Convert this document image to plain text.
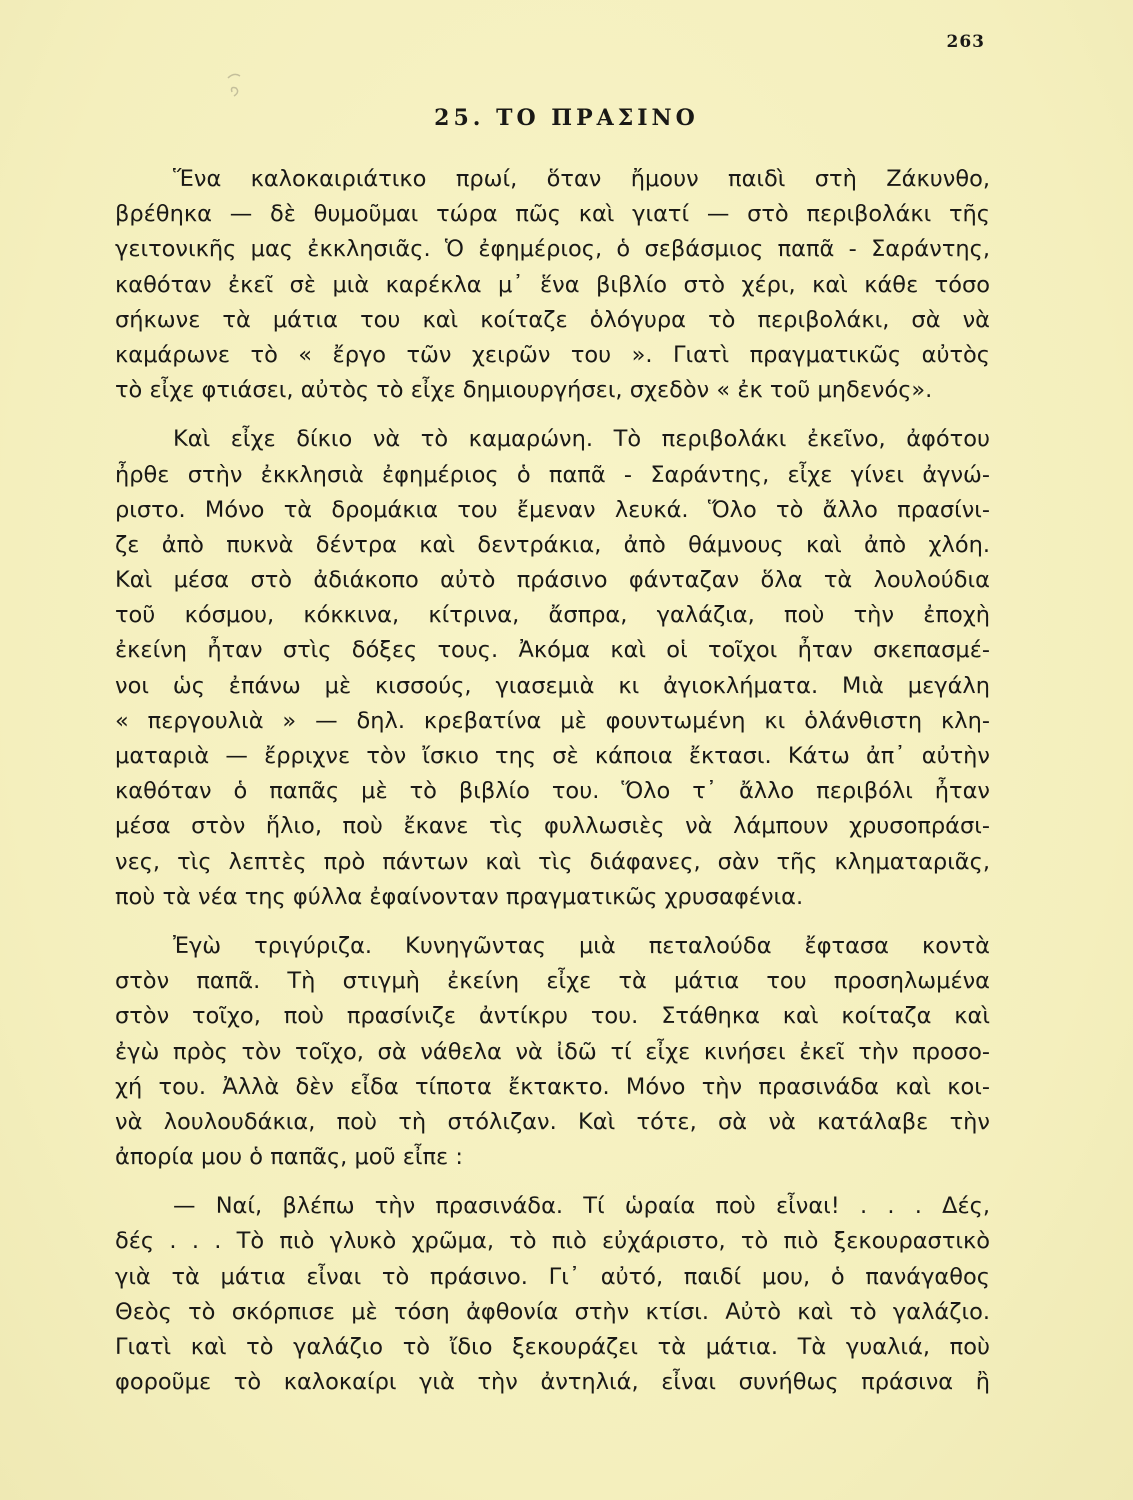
263
25. ΤΟ ΠΡΑΣΙΝΟ
Ἕνα καλοκαιριάτικο πρωί, ὅταν ἤμουν παιδὶ στὴ Ζάκυνθο,
βρέθηκα — δὲ θυμοῦμαι τώρα πῶς καὶ γιατί — στὸ περιβολάκι τῆς
γειτονικῆς μας ἐκκλησιᾶς. Ὁ ἐφημέριος, ὁ σεβάσμιος παπᾶ - Σαράντης,
καθόταν ἐκεῖ σὲ μιὰ καρέκλα μ᾿ ἕνα βιβλίο στὸ χέρι, καὶ κάθε τόσο
σήκωνε τὰ μάτια του καὶ κοίταζε ὁλόγυρα τὸ περιβολάκι, σὰ νὰ
καμάρωνε τὸ « ἔργο τῶν χειρῶν του ». Γιατὶ πραγματικῶς αὐτὸς
τὸ εἶχε φτιάσει, αὐτὸς τὸ εἶχε δημιουργήσει, σχεδὸν « ἐκ τοῦ μηδενός».
Καὶ εἶχε δίκιο νὰ τὸ καμαρώνη. Τὸ περιβολάκι ἐκεῖνο, ἀφότου
ἦρθε στὴν ἐκκλησιὰ ἐφημέριος ὁ παπᾶ - Σαράντης, εἶχε γίνει ἀγνώ-
ριστο. Μόνο τὰ δρομάκια του ἔμεναν λευκά. Ὅλο τὸ ἄλλο πρασίνι-
ζε ἀπὸ πυκνὰ δέντρα καὶ δεντράκια, ἀπὸ θάμνους καὶ ἀπὸ χλόη.
Καὶ μέσα στὸ ἀδιάκοπο αὐτὸ πράσινο φάνταζαν ὅλα τὰ λουλούδια
τοῦ κόσμου, κόκκινα, κίτρινα, ἄσπρα, γαλάζια, ποὺ τὴν ἐποχὴ
ἐκείνη ἦταν στὶς δόξες τους. Ἀκόμα καὶ οἱ τοῖχοι ἦταν σκεπασμέ-
νοι ὡς ἐπάνω μὲ κισσούς, γιασεμιὰ κι ἀγιοκλήματα. Μιὰ μεγάλη
« περγουλιὰ » — δηλ. κρεβατίνα μὲ φουντωμένη κι ὁλάνθιστη κλη-
ματαριὰ — ἔρριχνε τὸν ἴσκιο της σὲ κάποια ἔκτασι. Κάτω ἀπ᾿ αὐτὴν
καθόταν ὁ παπᾶς μὲ τὸ βιβλίο του. Ὅλο τ᾿ ἄλλο περιβόλι ἦταν
μέσα στὸν ἥλιο, ποὺ ἔκανε τὶς φυλλωσιὲς νὰ λάμπουν χρυσοπράσι-
νες, τὶς λεπτὲς πρὸ πάντων καὶ τὶς διάφανες, σὰν τῆς κληματαριᾶς,
ποὺ τὰ νέα της φύλλα ἐφαίνονταν πραγματικῶς χρυσαφένια.
Ἐγὼ τριγύριζα. Κυνηγῶντας μιὰ πεταλούδα ἔφτασα κοντὰ
στὸν παπᾶ. Τὴ στιγμὴ ἐκείνη εἶχε τὰ μάτια του προσηλωμένα
στὸν τοῖχο, ποὺ πρασίνιζε ἀντίκρυ του. Στάθηκα καὶ κοίταζα καὶ
ἐγὼ πρὸς τὸν τοῖχο, σὰ νάθελα νὰ ἰδῶ τί εἶχε κινήσει ἐκεῖ τὴν προσο-
χή του. Ἀλλὰ δὲν εἶδα τίποτα ἔκτακτο. Μόνο τὴν πρασινάδα καὶ κοι-
νὰ λουλουδάκια, ποὺ τὴ στόλιζαν. Καὶ τότε, σὰ νὰ κατάλαβε τὴν
ἀπορία μου ὁ παπᾶς, μοῦ εἶπε :
— Ναί, βλέπω τὴν πρασινάδα. Τί ὡραία ποὺ εἶναι! . . . Δές,
δές . . . Τὸ πιὸ γλυκὸ χρῶμα, τὸ πιὸ εὐχάριστο, τὸ πιὸ ξεκουραστικὸ
γιὰ τὰ μάτια εἶναι τὸ πράσινο. Γι᾿ αὐτό, παιδί μου, ὁ πανάγαθος
Θεὸς τὸ σκόρπισε μὲ τόση ἀφθονία στὴν κτίσι. Αὐτὸ καὶ τὸ γαλάζιο.
Γιατὶ καὶ τὸ γαλάζιο τὸ ἴδιο ξεκουράζει τὰ μάτια. Τὰ γυαλιά, ποὺ
φοροῦμε τὸ καλοκαίρι γιὰ τὴν ἀντηλιά, εἶναι συνήθως πράσινα ἢ
